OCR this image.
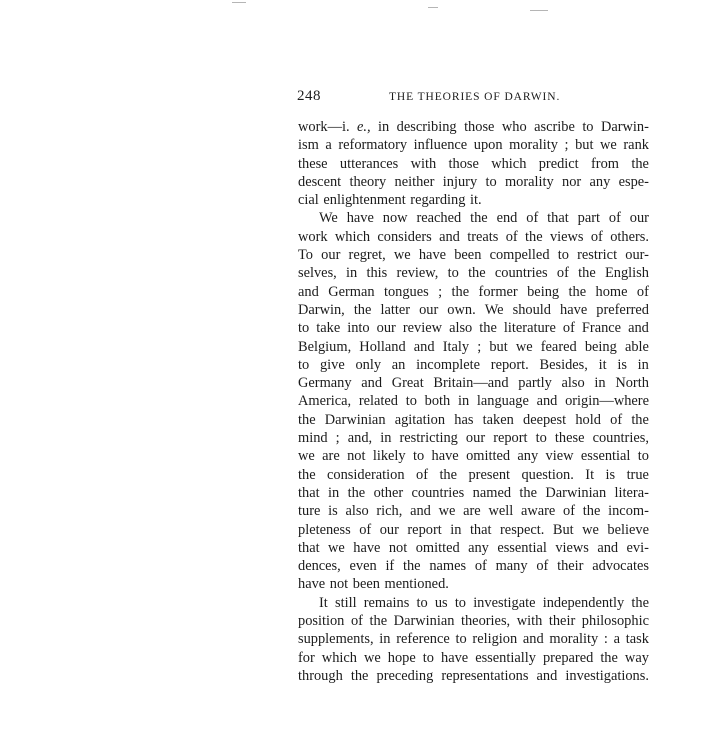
248	THE THEORIES OF DARWIN.
work—i. e., in describing those who ascribe to Darwin-
ism a reformatory influence upon morality ; but we rank
these utterances with those which predict from the
descent theory neither injury to morality nor any espe-
cial enlightenment regarding it.
We have now reached the end of that part of our
work which considers and treats of the views of others.
To our regret, we have been compelled to restrict our-
selves, in this review, to the countries of the English
and German tongues ; the former being the home of
Darwin, the latter our own. We should have preferred
to take into our review also the literature of France and
Belgium, Holland and Italy ; but we feared being able
to give only an incomplete report. Besides, it is in
Germany and Great Britain—and partly also in North
America, related to both in language and origin—where
the Darwinian agitation has taken deepest hold of the
mind ; and, in restricting our report to these countries,
we are not likely to have omitted any view essential to
the consideration of the present question. It is true
that in the other countries named the Darwinian litera-
ture is also rich, and we are well aware of the incom-
pleteness of our report in that respect. But we believe
that we have not omitted any essential views and evi-
dences, even if the names of many of their advocates
have not been mentioned.
It still remains to us to investigate independently the
position of the Darwinian theories, with their philosophic
supplements, in reference to religion and morality : a task
for which we hope to have essentially prepared the way
through the preceding representations and investigations.
